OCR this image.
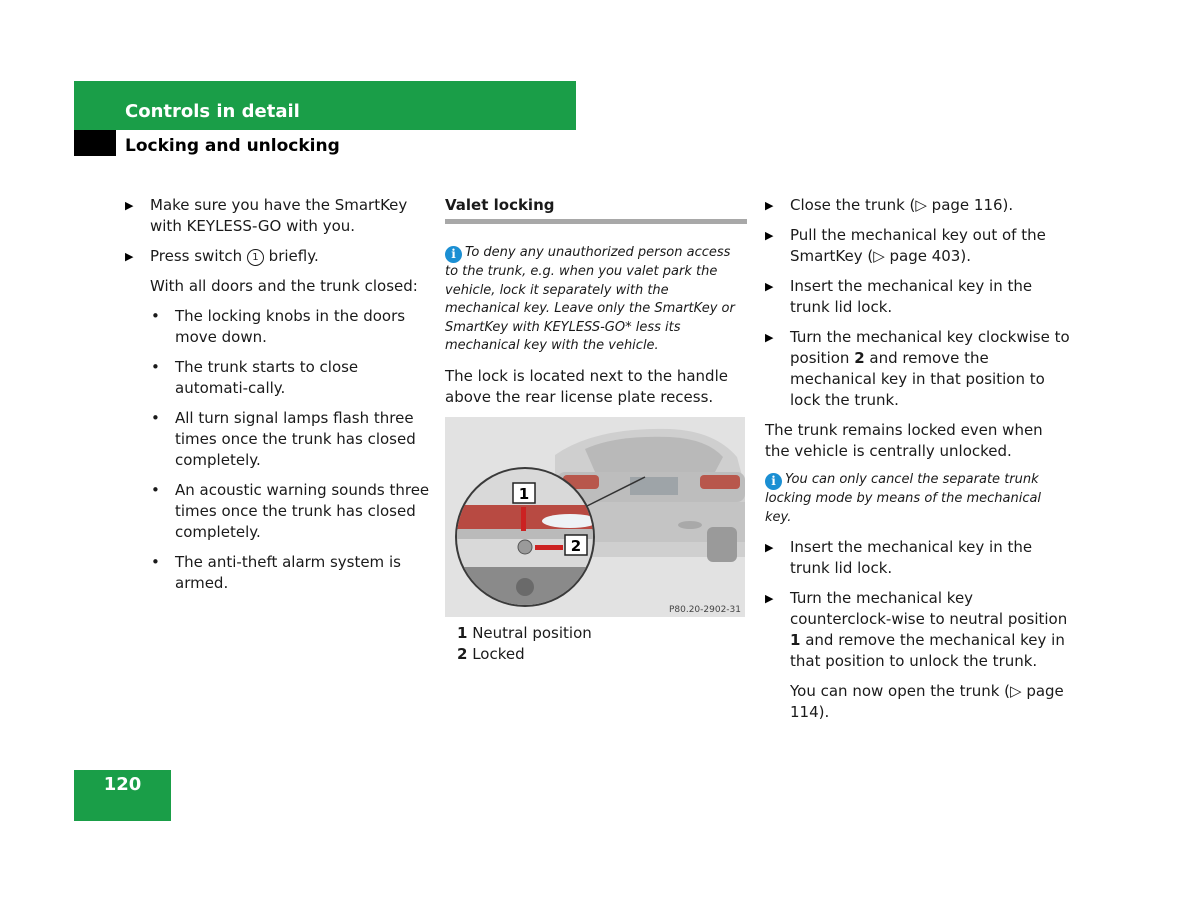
Controls in detail
Locking and unlocking
▶ Make sure you have the SmartKey with KEYLESS-GO with you.
▶ Press switch 1 briefly.
With all doors and the trunk closed:
• The locking knobs in the doors move down.
• The trunk starts to close automati-cally.
• All turn signal lamps flash three times once the trunk has closed completely.
• An acoustic warning sounds three times once the trunk has closed completely.
• The anti-theft alarm system is armed.
Valet locking
i To deny any unauthorized person access to the trunk, e.g. when you valet park the vehicle, lock it separately with the mechanical key. Leave only the SmartKey or SmartKey with KEYLESS-GO* less its mechanical key with the vehicle.
The lock is located next to the handle above the rear license plate recess.
1
2
P80.20-2902-31
1 Neutral position
2 Locked
▶ Close the trunk (▷ page 116).
▶ Pull the mechanical key out of the SmartKey (▷ page 403).
▶ Insert the mechanical key in the trunk lid lock.
▶ Turn the mechanical key clockwise to position 2 and remove the mechanical key in that position to lock the trunk.
The trunk remains locked even when the vehicle is centrally unlocked.
i You can only cancel the separate trunk locking mode by means of the mechanical key.
▶ Insert the mechanical key in the trunk lid lock.
▶ Turn the mechanical key counterclock-wise to neutral position 1 and remove the mechanical key in that position to unlock the trunk.
You can now open the trunk (▷ page 114).
120
